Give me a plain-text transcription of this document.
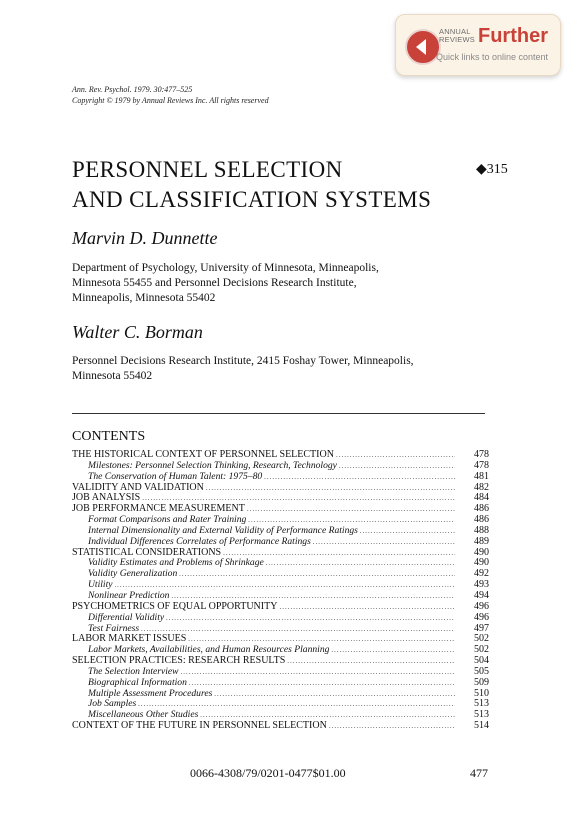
ANNUAL REVIEWS Further
Quick links to online content
Ann. Rev. Psychol. 1979. 30:477–525
Copyright © 1979 by Annual Reviews Inc. All rights reserved
PERSONNEL SELECTION
AND CLASSIFICATION SYSTEMS
◆315
Marvin D. Dunnette
Department of Psychology, University of Minnesota, Minneapolis,
Minnesota 55455 and Personnel Decisions Research Institute,
Minneapolis, Minnesota 55402
Walter C. Borman
Personnel Decisions Research Institute, 2415 Foshay Tower, Minneapolis,
Minnesota 55402
CONTENTS
THE HISTORICAL CONTEXT OF PERSONNEL SELECTION .....	478
Milestones: Personnel Selection Thinking, Research, Technology .....	478
The Conservation of Human Talent: 1975–80 .....	481
VALIDITY AND VALIDATION .....	482
JOB ANALYSIS .....	484
JOB PERFORMANCE MEASUREMENT .....	486
Format Comparisons and Rater Training .....	486
Internal Dimensionality and External Validity of Performance Ratings .....	488
Individual Differences Correlates of Performance Ratings .....	489
STATISTICAL CONSIDERATIONS .....	490
Validity Estimates and Problems of Shrinkage .....	490
Validity Generalization .....	492
Utility .....	493
Nonlinear Prediction .....	494
PSYCHOMETRICS OF EQUAL OPPORTUNITY .....	496
Differential Validity .....	496
Test Fairness .....	497
LABOR MARKET ISSUES .....	502
Labor Markets, Availabilities, and Human Resources Planning .....	502
SELECTION PRACTICES: RESEARCH RESULTS .....	504
The Selection Interview .....	505
Biographical Information .....	509
Multiple Assessment Procedures .....	510
Job Samples .....	513
Miscellaneous Other Studies .....	513
CONTEXT OF THE FUTURE IN PERSONNEL SELECTION .....	514
0066-4308/79/0201-0477$01.00	477
